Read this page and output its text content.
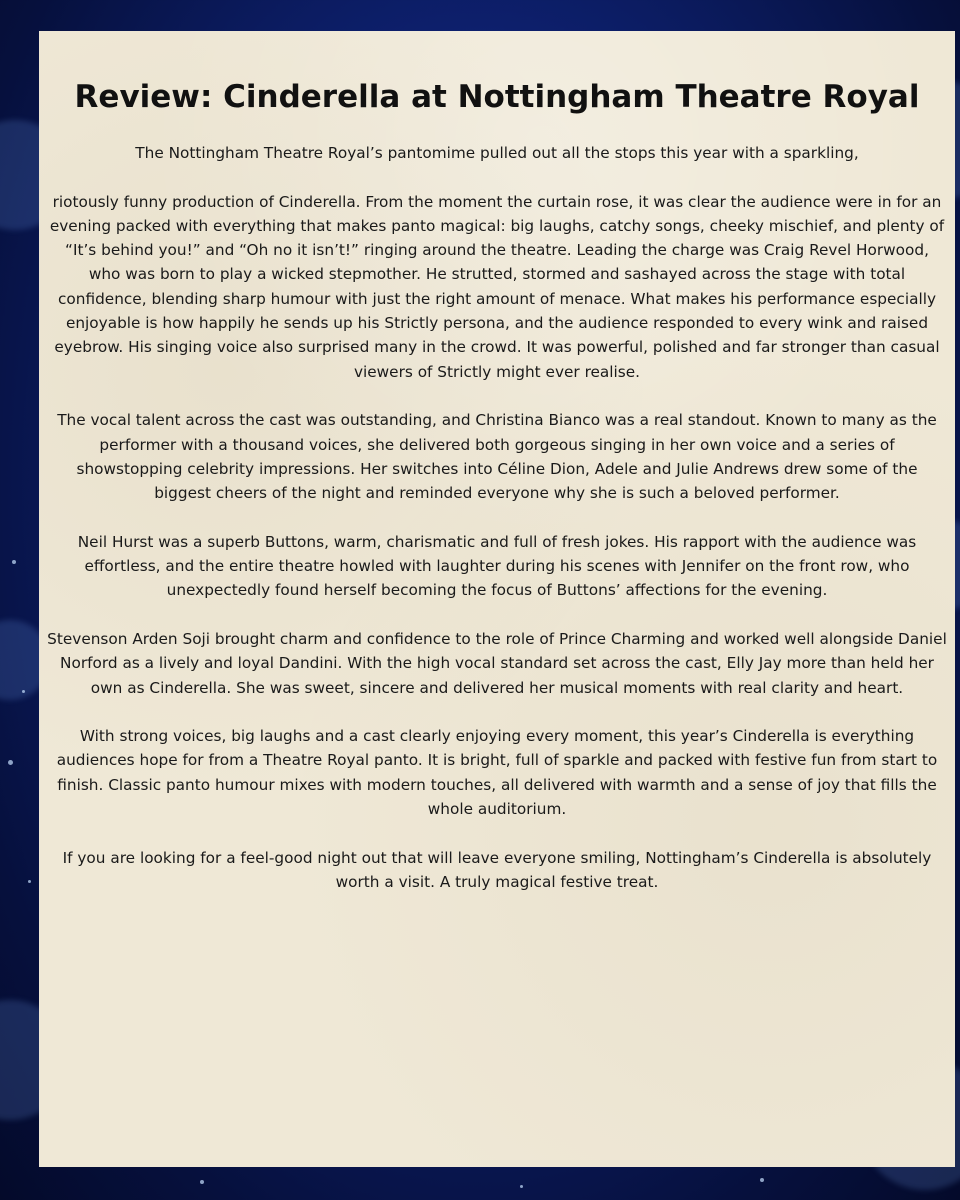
Review: Cinderella at Nottingham Theatre Royal

The Nottingham Theatre Royal’s pantomime pulled out all the stops this year with a sparkling,

riotously funny production of Cinderella. From the moment the curtain rose, it was clear the audience were in for an evening packed with everything that makes panto magical: big laughs, catchy songs, cheeky mischief, and plenty of “It’s behind you!” and “Oh no it isn’t!” ringing around the theatre. Leading the charge was Craig Revel Horwood, who was born to play a wicked stepmother. He strutted, stormed and sashayed across the stage with total confidence, blending sharp humour with just the right amount of menace. What makes his performance especially enjoyable is how happily he sends up his Strictly persona, and the audience responded to every wink and raised eyebrow. His singing voice also surprised many in the crowd. It was powerful, polished and far stronger than casual viewers of Strictly might ever realise.

The vocal talent across the cast was outstanding, and Christina Bianco was a real standout. Known to many as the performer with a thousand voices, she delivered both gorgeous singing in her own voice and a series of showstopping celebrity impressions. Her switches into Céline Dion, Adele and Julie Andrews drew some of the biggest cheers of the night and reminded everyone why she is such a beloved performer.

Neil Hurst was a superb Buttons, warm, charismatic and full of fresh jokes. His rapport with the audience was effortless, and the entire theatre howled with laughter during his scenes with Jennifer on the front row, who unexpectedly found herself becoming the focus of Buttons’ affections for the evening.

Stevenson Arden Soji brought charm and confidence to the role of Prince Charming and worked well alongside Daniel Norford as a lively and loyal Dandini. With the high vocal standard set across the cast, Elly Jay more than held her own as Cinderella. She was sweet, sincere and delivered her musical moments with real clarity and heart.

With strong voices, big laughs and a cast clearly enjoying every moment, this year’s Cinderella is everything audiences hope for from a Theatre Royal panto. It is bright, full of sparkle and packed with festive fun from start to finish. Classic panto humour mixes with modern touches, all delivered with warmth and a sense of joy that fills the whole auditorium.

If you are looking for a feel-good night out that will leave everyone smiling, Nottingham’s Cinderella is absolutely worth a visit. A truly magical festive treat.
